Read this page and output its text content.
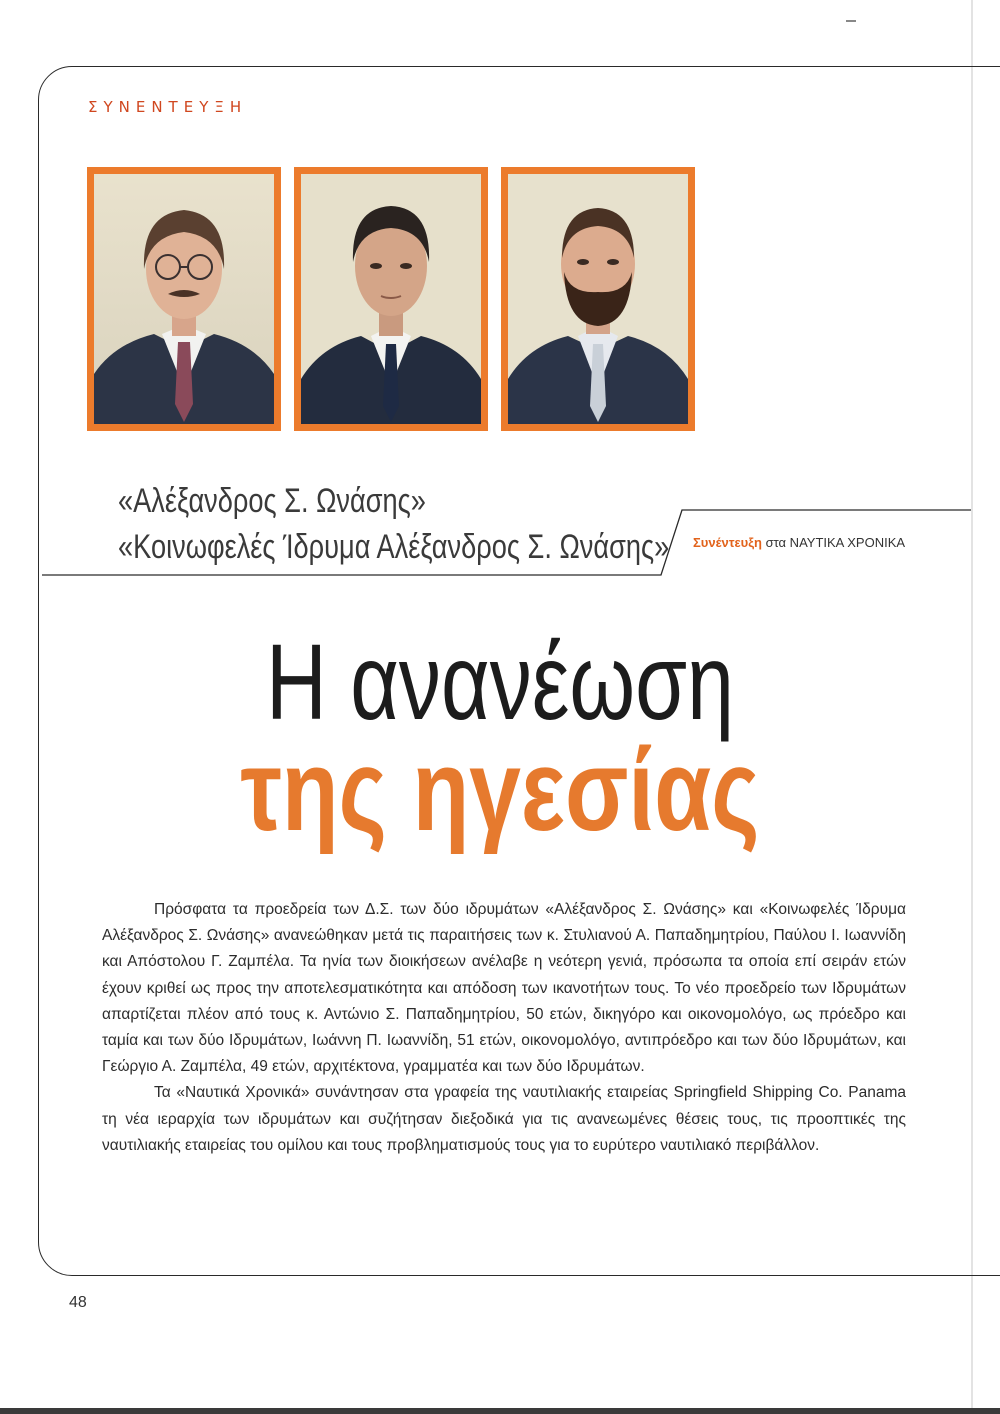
ΣΥΝΕΝΤΕΥΞΗ
«Αλέξανδρος Σ. Ωνάσης»
«Κοινωφελές Ίδρυμα Αλέξανδρος Σ. Ωνάσης» Συνέντευξη στα ΝΑΥΤΙΚΑ ΧΡΟΝΙΚΑ
Η ανανέωση
της ηγεσίας

Πρόσφατα τα προεδρεία των Δ.Σ. των δύο ιδρυμάτων «Αλέξανδρος Σ. Ωνάσης» και «Κοινωφελές Ίδρυμα Αλέξανδρος Σ. Ωνάσης» ανανεώθηκαν μετά τις παραιτήσεις των κ. Στυλιανού Α. Παπαδημητρίου, Παύλου Ι. Ιωαννίδη και Απόστολου Γ. Ζαμπέλα. Τα ηνία των διοικήσεων ανέλαβε η νεότερη γενιά, πρόσωπα τα οποία επί σειράν ετών έχουν κριθεί ως προς την αποτελεσματικότητα και απόδοση των ικανοτήτων τους. Το νέο προεδρείο των Ιδρυμάτων απαρτίζεται πλέον από τους κ. Αντώνιο Σ. Παπαδημητρίου, 50 ετών, δικηγόρο και οικονομολόγο, ως πρόεδρο και ταμία και των δύο Ιδρυμάτων, Ιωάννη Π. Ιωαννίδη, 51 ετών, οικονομολόγο, αντιπρόεδρο και των δύο Ιδρυμάτων, και Γεώργιο Α. Ζαμπέλα, 49 ετών, αρχιτέκτονα, γραμματέα και των δύο Ιδρυμάτων.

Τα «Ναυτικά Χρονικά» συνάντησαν στα γραφεία της ναυτιλιακής εταιρείας Springfield Shipping Co. Panama τη νέα ιεραρχία των ιδρυμάτων και συζήτησαν διεξοδικά για τις ανανεωμένες θέσεις τους, τις προοπτικές της ναυτιλιακής εταιρείας του ομίλου και τους προβληματισμούς τους για το ευρύτερο ναυτιλιακό περιβάλλον.

48
